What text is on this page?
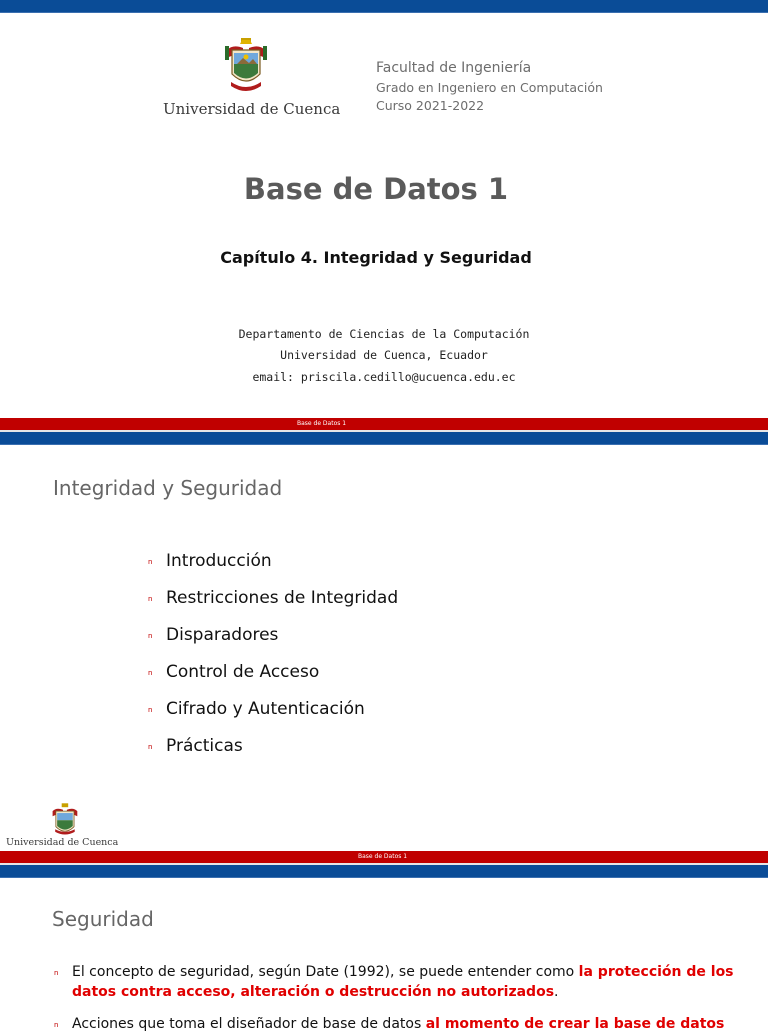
Universidad de Cuenca
Facultad de Ingeniería
Grado en Ingeniero en Computación
Curso 2021-2022
Base de Datos 1
Capítulo 4. Integridad y Seguridad
Departamento de Ciencias de la Computación
Universidad de Cuenca, Ecuador
email: priscila.cedillo@ucuenca.edu.ec
Base de Datos 1
Integridad y Seguridad
n Introducción
n Restricciones de Integridad
n Disparadores
n Control de Acceso
n Cifrado y Autenticación
n Prácticas
Universidad de Cuenca
Base de Datos 1
Seguridad
n El concepto de seguridad, según Date (1992), se puede entender como la protección de los datos contra acceso, alteración o destrucción no autorizados.
n Acciones que toma el diseñador de base de datos al momento de crear la base de datos
